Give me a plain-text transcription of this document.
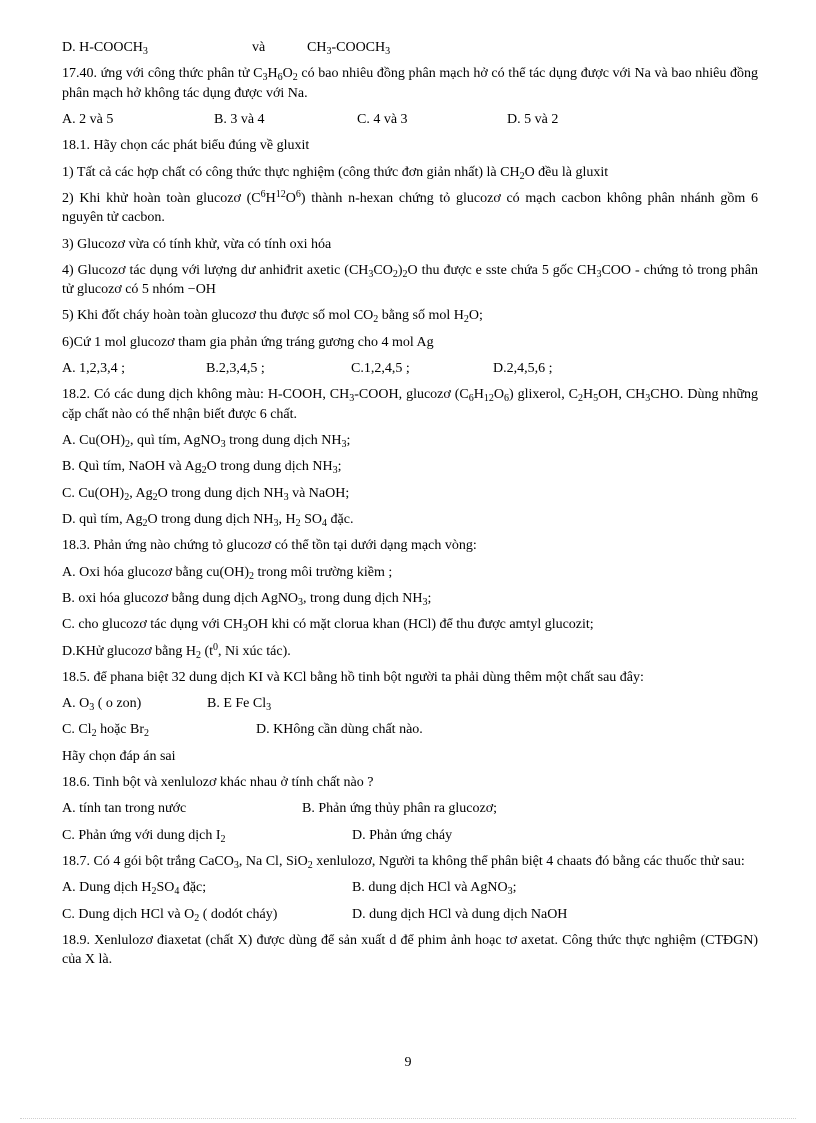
D. $H-COOCH_3$	và	$CH_3-COOCH_3$

17.40. ứng với công thức phân tử $C_3H_6O_2$ có bao nhiêu đồng phân mạch hở có thể tác dụng được với Na và bao nhiêu đồng phân mạch hở không tác dụng được với Na.

A. 2 và 5	B. 3 và 4	C. 4 và 3	D. 5 và 2

18.1. Hãy chọn các phát biểu đúng về gluxit

1) Tất cả các hợp chất có công thức thực nghiệm (công thức đơn giản nhất) là $CH_2O$ đều là gluxit

2) Khi khử hoàn toàn glucozơ $(C^6H^{12}O^6)$ thành n-hexan chứng tỏ glucozơ có mạch cacbon không phân nhánh gồm 6 nguyên tử cacbon.

3) Glucozơ vừa có tính khử, vừa có tính oxi hóa

4) Glucozơ tác dụng với lượng dư anhiđrit axetic $(CH_3CO_2)_2O$ thu được e sste chứa 5 gốc $CH_3COO$ - chứng tỏ trong phân tử glucozơ có 5 nhóm −OH

5) Khi đốt cháy hoàn toàn glucozơ thu được số mol $CO_2$ bằng số mol $H_2O$;

6)Cứ 1 mol glucozơ tham gia phản ứng tráng gương cho 4 mol Ag

A. 1,2,3,4 ;	B.2,3,4,5 ;	C.1,2,4,5 ;	D.2,4,5,6 ;

18.2. Có các dung dịch không màu: H-COOH, $CH_3$-COOH, glucozơ $(C_6H_{12}O_6)$ glixerol, $C_2H_5OH$, $CH_3CHO$. Dùng những cặp chất nào có thể nhận biết được 6 chất.

A. $Cu(OH)_2$, quì tím, AgNO$_3$ trong dung dịch $NH_3$;

B. Quì tím, NaOH và $Ag_2O$ trong dung dịch $NH_3$;

C. $Cu(OH)_2$, $Ag_2O$ trong dung dịch $NH_3$ và NaOH;

D. quì tím, $Ag_2O$ trong dung dịch $NH_3$, $H_2$ $SO_4$ đặc.

18.3. Phản ứng nào chứng tỏ glucozơ có thể tồn tại dưới dạng mạch vòng:

A. Oxi hóa glucozơ bằng $cu(OH)_2$ trong môi trường kiềm ;

B. oxi hóa glucozơ bằng dung dịch AgNO$_3$, trong dung dịch $NH_3$;

C. cho glucozơ tác dụng với $CH_3OH$ khi có mặt clorua khan (HCl) để thu được amtyl glucozit;

D.KHử glucozơ bằng $H_2$ ($t^0$, Ni xúc tác).

18.5. để phana biệt 32 dung dịch KI và KCl bằng hồ tinh bột người ta phải dùng thêm một chất sau đây:

A. $O_3$ ( o zon)	B. E Fe $Cl_3$
C. $Cl_2$ hoặc $Br_2$	D. KHông cần dùng chất nào.

Hãy chọn đáp án sai

18.6. Tinh bột và xenlulozơ khác nhau ở tính chất nào ?

A. tính tan trong nước	B. Phản ứng thủy phân ra glucozơ;
C. Phản ứng với dung dịch $I_2$	D. Phản ứng cháy

18.7. Có 4 gói bột trắng CaCO$_3$, Na Cl, SiO$_2$ xenlulozơ, Người ta không thể phân biệt 4 chaats đó bằng các thuốc thử sau:

A. Dung dịch $H_2SO_4$ đặc;	B. dung dịch HCl và AgNO$_3$;
C. Dung dịch HCl và $O_2$ ( dodót cháy)	D. dung dịch HCl và dung dịch NaOH

18.9. Xenlulozơ điaxetat (chất X) được dùng để sản xuất d để phim ảnh hoạc tơ axetat. Công thức thực nghiệm (CTĐGN) của X là.

9
